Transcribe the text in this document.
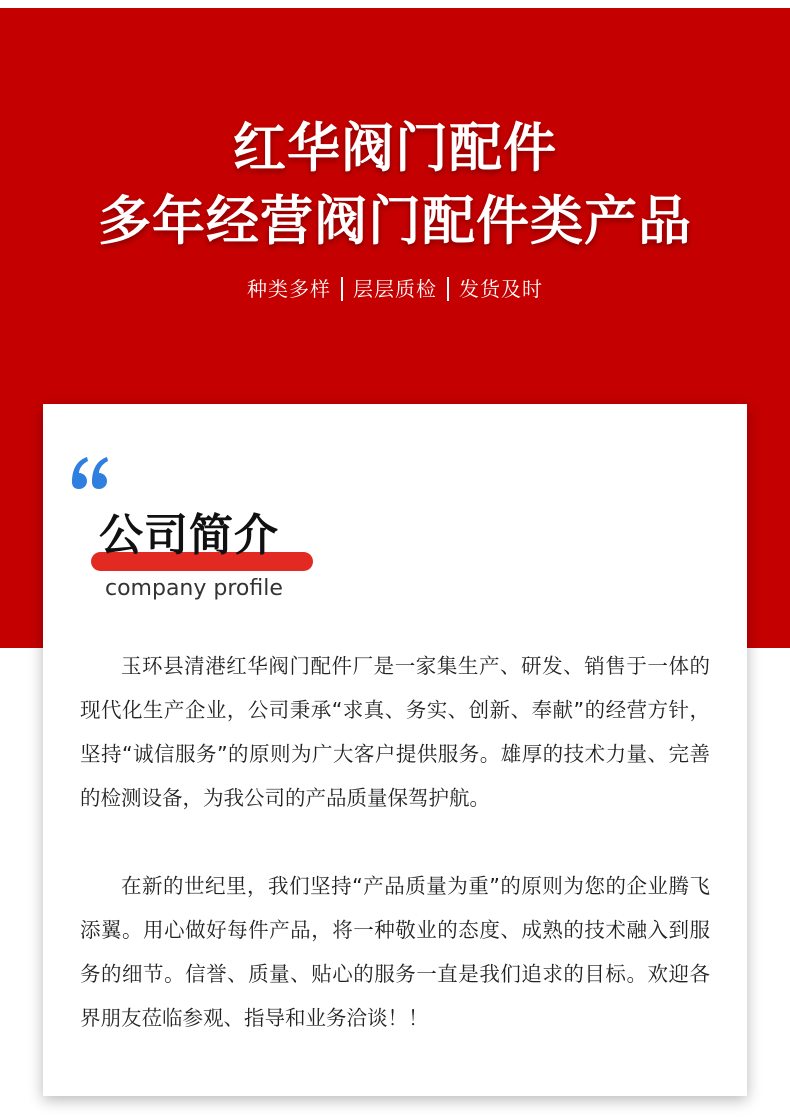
红华阀门配件
多年经营阀门配件类产品
种类多样 层层质检 发货及时
公司简介
company profile

玉环县清港红华阀门配件厂是一家集生产、研发、销售于一体的现代化生产企业，公司秉承“求真、务实、创新、奉献”的经营方针，坚持“诚信服务”的原则为广大客户提供服务。雄厚的技术力量、完善的检测设备，为我公司的产品质量保驾护航。

在新的世纪里，我们坚持“产品质量为重”的原则为您的企业腾飞添翼。用心做好每件产品，将一种敬业的态度、成熟的技术融入到服务的细节。信誉、质量、贴心的服务一直是我们追求的目标。欢迎各界朋友莅临参观、指导和业务洽谈！！
